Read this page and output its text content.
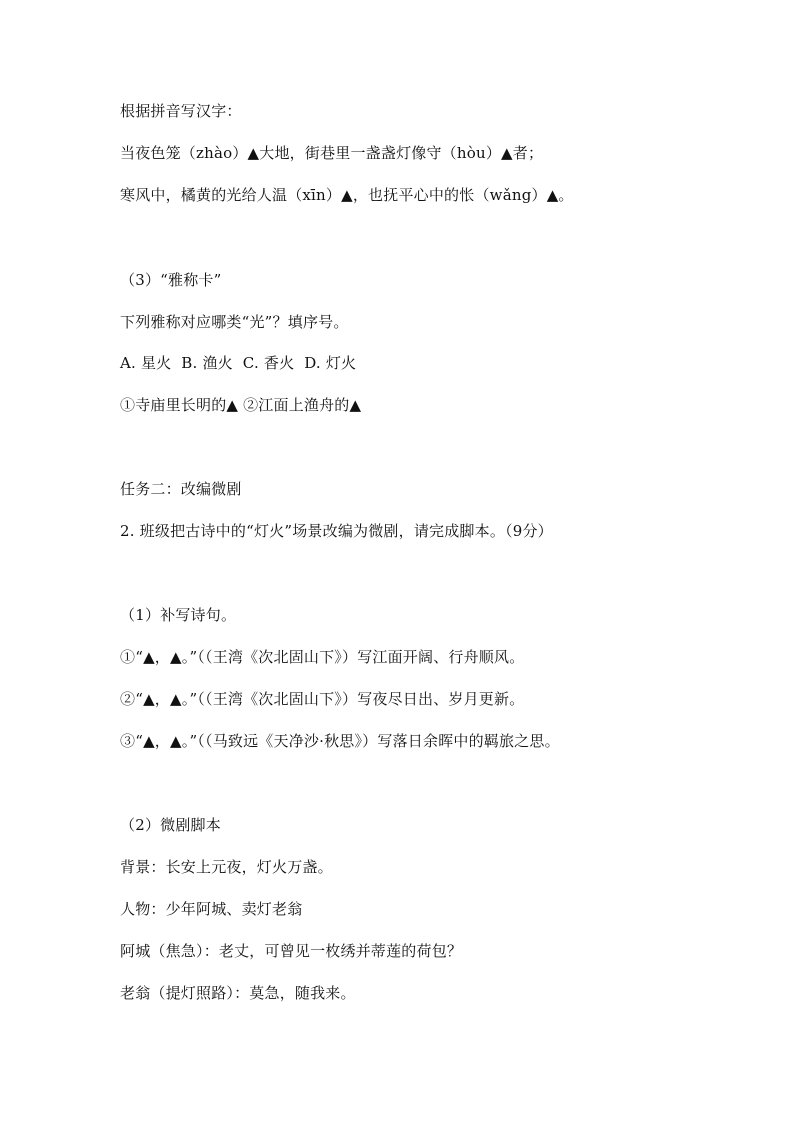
根据拼音写汉字：
当夜色笼（zhào）▲大地，街巷里一盏盏灯像守（hòu）▲者；
寒风中，橘黄的光给人温（xīn）▲，也抚平心中的怅（wǎng）▲。
（3）“雅称卡”
下列雅称对应哪类“光”？填序号。
A. 星火  B. 渔火  C. 香火  D. 灯火
①寺庙里长明的▲ ②江面上渔舟的▲
任务二：改编微剧
2. 班级把古诗中的“灯火”场景改编为微剧，请完成脚本。（9分）
（1）补写诗句。
①“▲，▲。”（（王湾《次北固山下》）写江面开阔、行舟顺风。
②“▲，▲。”（（王湾《次北固山下》）写夜尽日出、岁月更新。
③“▲，▲。”（（马致远《天净沙·秋思》）写落日余晖中的羁旅之思。
（2）微剧脚本
背景：长安上元夜，灯火万盏。
人物：少年阿城、卖灯老翁
阿城（焦急）：老丈，可曾见一枚绣并蒂莲的荷包？
老翁（提灯照路）：莫急，随我来。
